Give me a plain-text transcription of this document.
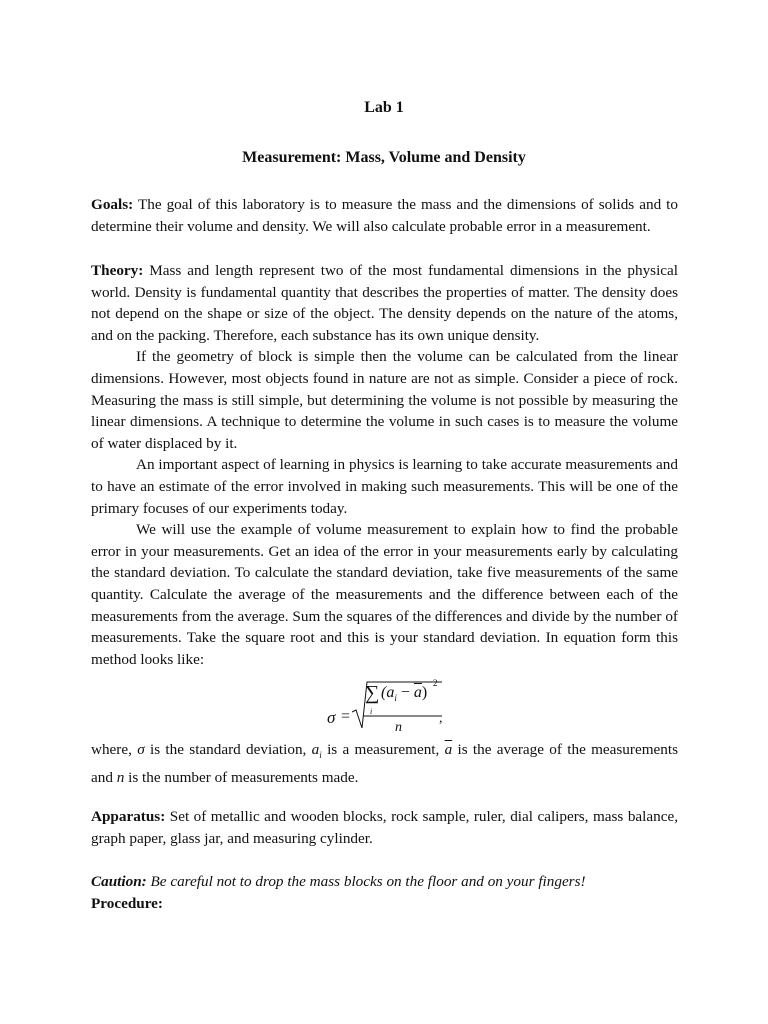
Lab 1
Measurement: Mass, Volume and Density

Goals: The goal of this laboratory is to measure the mass and the dimensions of solids and to determine their volume and density. We will also calculate probable error in a measurement.

Theory: Mass and length represent two of the most fundamental dimensions in the physical world. Density is fundamental quantity that describes the properties of matter. The density does not depend on the shape or size of the object. The density depends on the nature of the atoms, and on the packing. Therefore, each substance has its own unique density.

If the geometry of block is simple then the volume can be calculated from the linear dimensions. However, most objects found in nature are not as simple. Consider a piece of rock. Measuring the mass is still simple, but determining the volume is not possible by measuring the linear dimensions. A technique to determine the volume in such cases is to measure the volume of water displaced by it.

An important aspect of learning in physics is learning to take accurate measurements and to have an estimate of the error involved in making such measurements. This will be one of the primary focuses of our experiments today.

We will use the example of volume measurement to explain how to find the probable error in your measurements. Get an idea of the error in your measurements early by calculating the standard deviation. To calculate the standard deviation, take five measurements of the same quantity. Calculate the average of the measurements and the difference between each of the measurements from the average. Sum the squares of the differences and divide by the number of measurements. Take the square root and this is your standard deviation. In equation form this method looks like:

σ =
∑ $(a_i - \overline{a})$
2
i
n
,

where, σ is the standard deviation, $a_i$ is a measurement, $\overline{a}$ is the average of the measurements and n is the number of measurements made.

Apparatus: Set of metallic and wooden blocks, rock sample, ruler, dial calipers, mass balance, graph paper, glass jar, and measuring cylinder.

Caution: Be careful not to drop the mass blocks on the floor and on your fingers!

Procedure:
